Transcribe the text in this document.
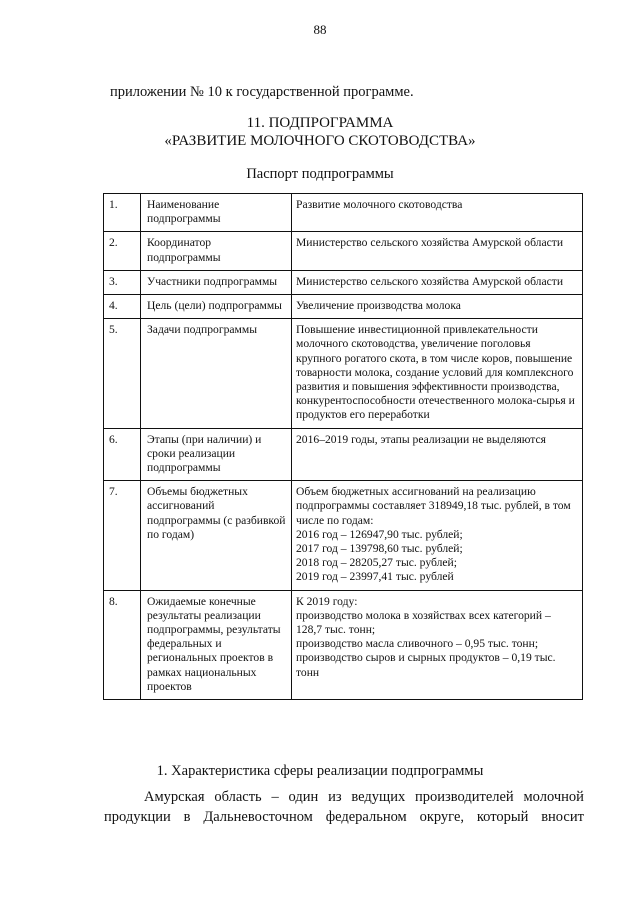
88
приложении № 10 к государственной программе.
11. ПОДПРОГРАММА
«РАЗВИТИЕ МОЛОЧНОГО СКОТОВОДСТВА»
Паспорт подпрограммы
1.	Наименование подпрограммы	Развитие молочного скотоводства
2.	Координатор подпрограммы	Министерство сельского хозяйства Амурской области
3.	Участники подпрограммы	Министерство сельского хозяйства Амурской области
4.	Цель (цели) подпрограммы	Увеличение производства молока
5.	Задачи подпрограммы	Повышение инвестиционной привлекательности молочного скотоводства, увеличение поголовья крупного рогатого скота, в том числе коров, повышение товарности молока, создание условий для комплексного развития и повышения эффективности производства, конкурентоспособности отечественного молока-сырья и продуктов его переработки
6.	Этапы (при наличии) и сроки реализации подпрограммы	2016–2019 годы, этапы реализации не выделяются
7.	Объемы бюджетных ассигнований подпрограммы (с разбивкой по годам)	Объем бюджетных ассигнований на реализацию подпрограммы составляет 318949,18 тыс. рублей, в том числе по годам:
2016 год – 126947,90 тыс. рублей;
2017 год – 139798,60 тыс. рублей;
2018 год – 28205,27 тыс. рублей;
2019 год – 23997,41 тыс. рублей
8.	Ожидаемые конечные результаты реализации подпрограммы, результаты федеральных и региональных проектов в рамках национальных проектов	К 2019 году:
производство молока в хозяйствах всех категорий – 128,7 тыс. тонн;
производство масла сливочного – 0,95 тыс. тонн;
производство сыров и сырных продуктов – 0,19 тыс. тонн
1. Характеристика сферы реализации подпрограммы
Амурская область – один из ведущих производителей молочной
продукции в Дальневосточном федеральном округе, который вносит
